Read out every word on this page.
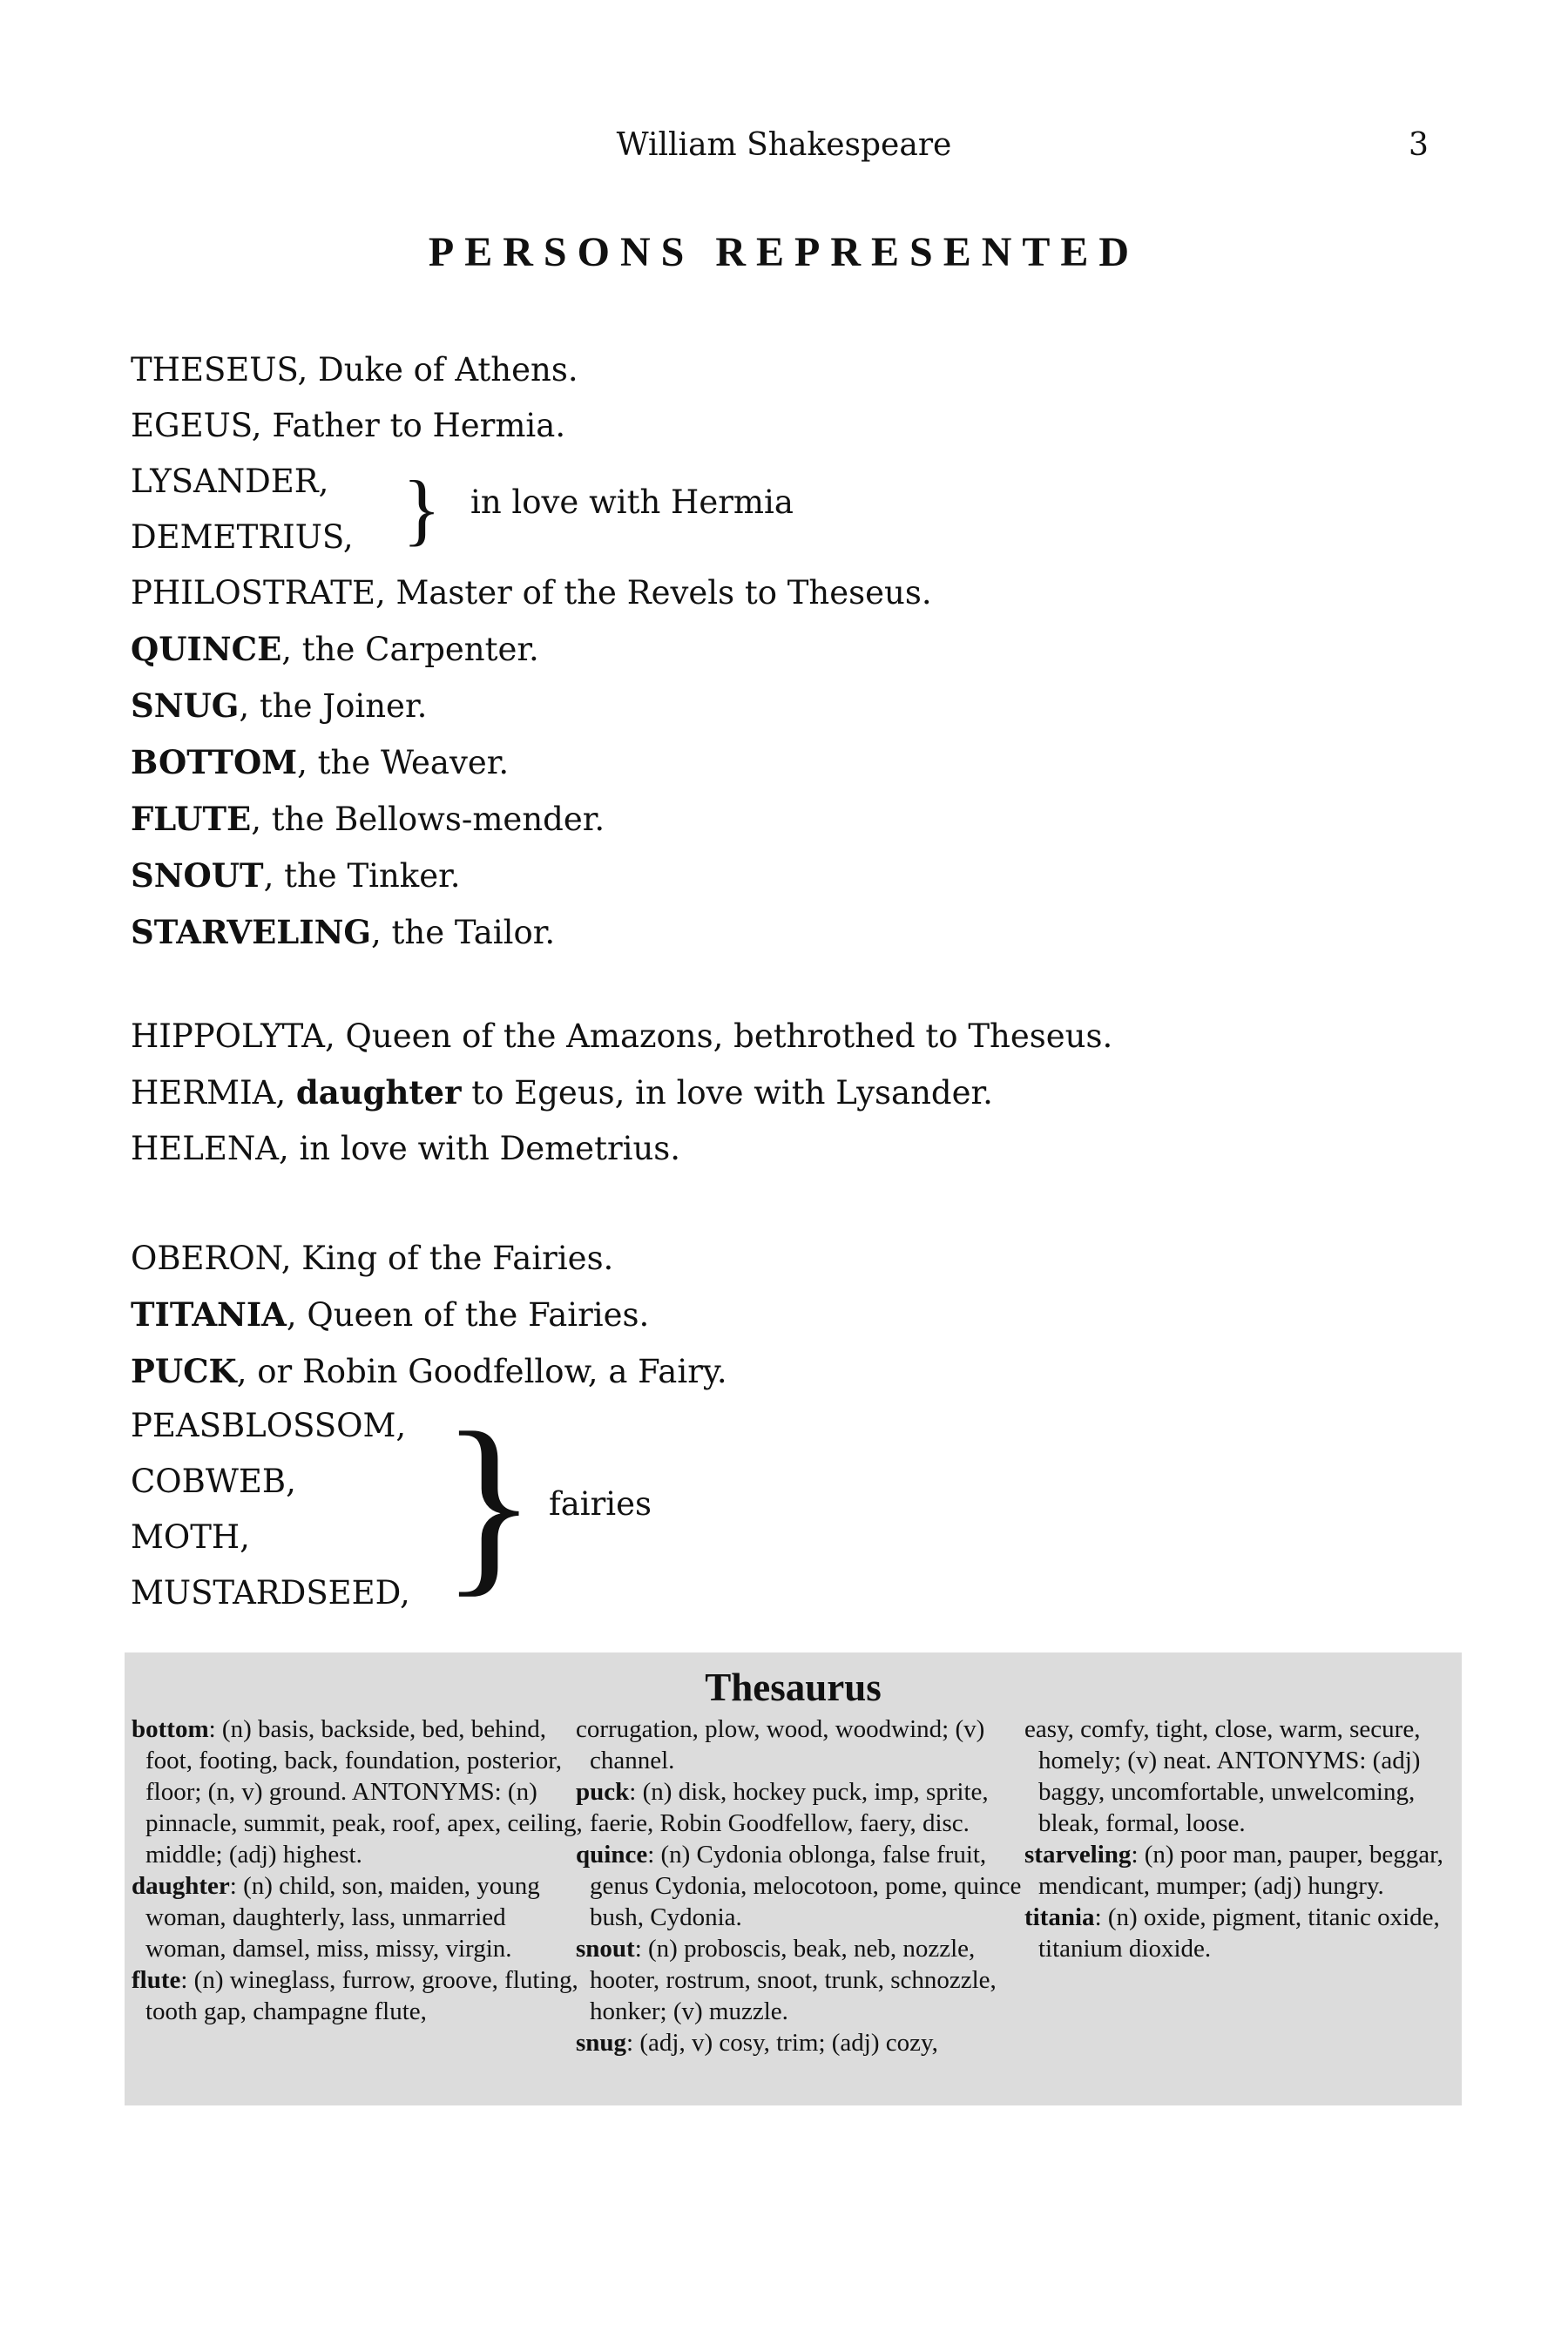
William Shakespeare	3
PERSONS REPRESENTED
THESEUS, Duke of Athens.
EGEUS, Father to Hermia.
LYSANDER,
DEMETRIUS, } in love with Hermia
PHILOSTRATE, Master of the Revels to Theseus.
QUINCE, the Carpenter.
SNUG, the Joiner.
BOTTOM, the Weaver.
FLUTE, the Bellows-mender.
SNOUT, the Tinker.
STARVELING, the Tailor.
HIPPOLYTA, Queen of the Amazons, bethrothed to Theseus.
HERMIA, daughter to Egeus, in love with Lysander.
HELENA, in love with Demetrius.
OBERON, King of the Fairies.
TITANIA, Queen of the Fairies.
PUCK, or Robin Goodfellow, a Fairy.
PEASBLOSSOM,
COBWEB,
MOTH,
MUSTARDSEED, } fairies
Thesaurus

bottom: (n) basis, backside, bed, behind, foot, footing, back, foundation, posterior, floor; (n, v) ground. ANTONYMS: (n) pinnacle, summit, peak, roof, apex, ceiling, middle; (adj) highest.

daughter: (n) child, son, maiden, young woman, daughterly, lass, unmarried woman, damsel, miss, missy, virgin.

flute: (n) wineglass, furrow, groove, fluting, tooth gap, champagne flute,

corrugation, plow, wood, woodwind; (v) channel.

puck: (n) disk, hockey puck, imp, sprite, faerie, Robin Goodfellow, faery, disc.

quince: (n) Cydonia oblonga, false fruit, genus Cydonia, melocotoon, pome, quince bush, Cydonia.

snout: (n) proboscis, beak, neb, nozzle, hooter, rostrum, snoot, trunk, schnozzle, honker; (v) muzzle.

snug: (adj, v) cosy, trim; (adj) cozy,

easy, comfy, tight, close, warm, secure, homely; (v) neat. ANTONYMS: (adj) baggy, uncomfortable, unwelcoming, bleak, formal, loose.

starveling: (n) poor man, pauper, beggar, mendicant, mumper; (adj) hungry.

titania: (n) oxide, pigment, titanic oxide, titanium dioxide.
